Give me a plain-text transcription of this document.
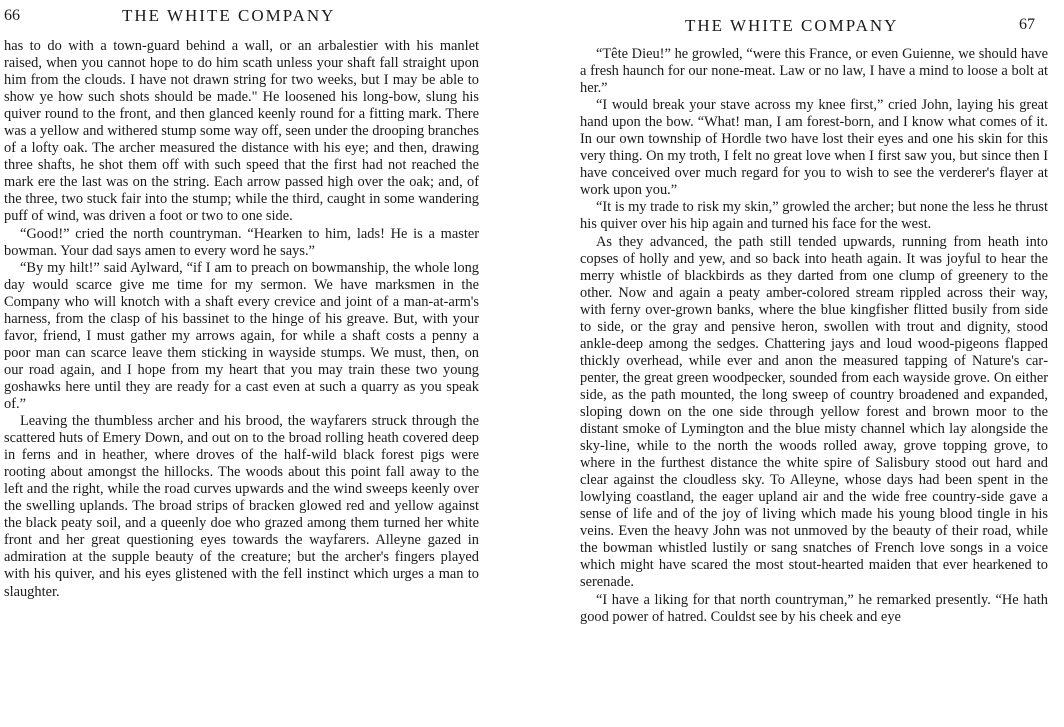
66	THE WHITE COMPANY

has to do with a town-guard behind a wall, or an arbalestier with his manlet raised, when you cannot hope to do him scath unless your shaft fall straight upon him from the clouds. I have not drawn string for two weeks, but I may be able to show ye how such shots should be made." He loosened his long-bow, slung his quiver round to the front, and then glanced keenly round for a fitting mark. There was a yellow and withered stump some way off, seen under the drooping branches of a lofty oak. The archer measured the distance with his eye; and then, drawing three shafts, he shot them off with such speed that the first had not reached the mark ere the last was on the string. Each arrow passed high over the oak; and, of the three, two stuck fair into the stump; while the third, caught in some wandering puff of wind, was driven a foot or two to one side.

“Good!” cried the north countryman. “Hearken to him, lads! He is a master bowman. Your dad says amen to every word he says.”

“By my hilt!” said Aylward, “if I am to preach on bowmanship, the whole long day would scarce give me time for my sermon. We have marksmen in the Company who will knotch with a shaft every crevice and joint of a man-at-arm's harness, from the clasp of his bassinet to the hinge of his greave. But, with your favor, friend, I must gather my arrows again, for while a shaft costs a penny a poor man can scarce leave them sticking in wayside stumps. We must, then, on our road again, and I hope from my heart that you may train these two young goshawks here until they are ready for a cast even at such a quarry as you speak of.”

Leaving the thumbless archer and his brood, the wayfarers struck through the scattered huts of Emery Down, and out on to the broad rolling heath covered deep in ferns and in heather, where droves of the half-wild black forest pigs were rooting about amongst the hillocks. The woods about this point fall away to the left and the right, while the road curves upwards and the wind sweeps keenly over the swelling uplands. The broad strips of bracken glowed red and yellow against the black peaty soil, and a queenly doe who grazed among them turned her white front and her great questioning eyes towards the wayfarers. Alleyne gazed in admiration at the supple beauty of the creature; but the archer's fingers played with his quiver, and his eyes glistened with the fell instinct which urges a man to slaughter.

THE WHITE COMPANY	67

“Tête Dieu!” he growled, “were this France, or even Guienne, we should have a fresh haunch for our none-meat. Law or no law, I have a mind to loose a bolt at her.”

“I would break your stave across my knee first,” cried John, laying his great hand upon the bow. “What! man, I am forest-born, and I know what comes of it. In our own township of Hordle two have lost their eyes and one his skin for this very thing. On my troth, I felt no great love when I first saw you, but since then I have conceived over much regard for you to wish to see the verderer's flayer at work upon you.”

“It is my trade to risk my skin,” growled the archer; but none the less he thrust his quiver over his hip again and turned his face for the west.

As they advanced, the path still tended upwards, running from heath into copses of holly and yew, and so back into heath again. It was joyful to hear the merry whistle of blackbirds as they darted from one clump of greenery to the other. Now and again a peaty amber-colored stream rippled across their way, with ferny over-grown banks, where the blue kingfisher flitted busily from side to side, or the gray and pensive heron, swollen with trout and dignity, stood ankle-deep among the sedges. Chattering jays and loud wood-pigeons flapped thickly overhead, while ever and anon the measured tapping of Nature's carpenter, the great green woodpecker, sounded from each wayside grove. On either side, as the path mounted, the long sweep of country broadened and expanded, sloping down on the one side through yellow forest and brown moor to the distant smoke of Lymington and the blue misty channel which lay alongside the sky-line, while to the north the woods rolled away, grove topping grove, to where in the furthest distance the white spire of Salisbury stood out hard and clear against the cloudless sky. To Alleyne, whose days had been spent in the lowlying coastland, the eager upland air and the wide free country-side gave a sense of life and of the joy of living which made his young blood tingle in his veins. Even the heavy John was not unmoved by the beauty of their road, while the bowman whistled lustily or sang snatches of French love songs in a voice which might have scared the most stout-hearted maiden that ever hearkened to serenade.

“I have a liking for that north countryman,” he remarked presently. “He hath good power of hatred. Couldst see by his cheek and eye
